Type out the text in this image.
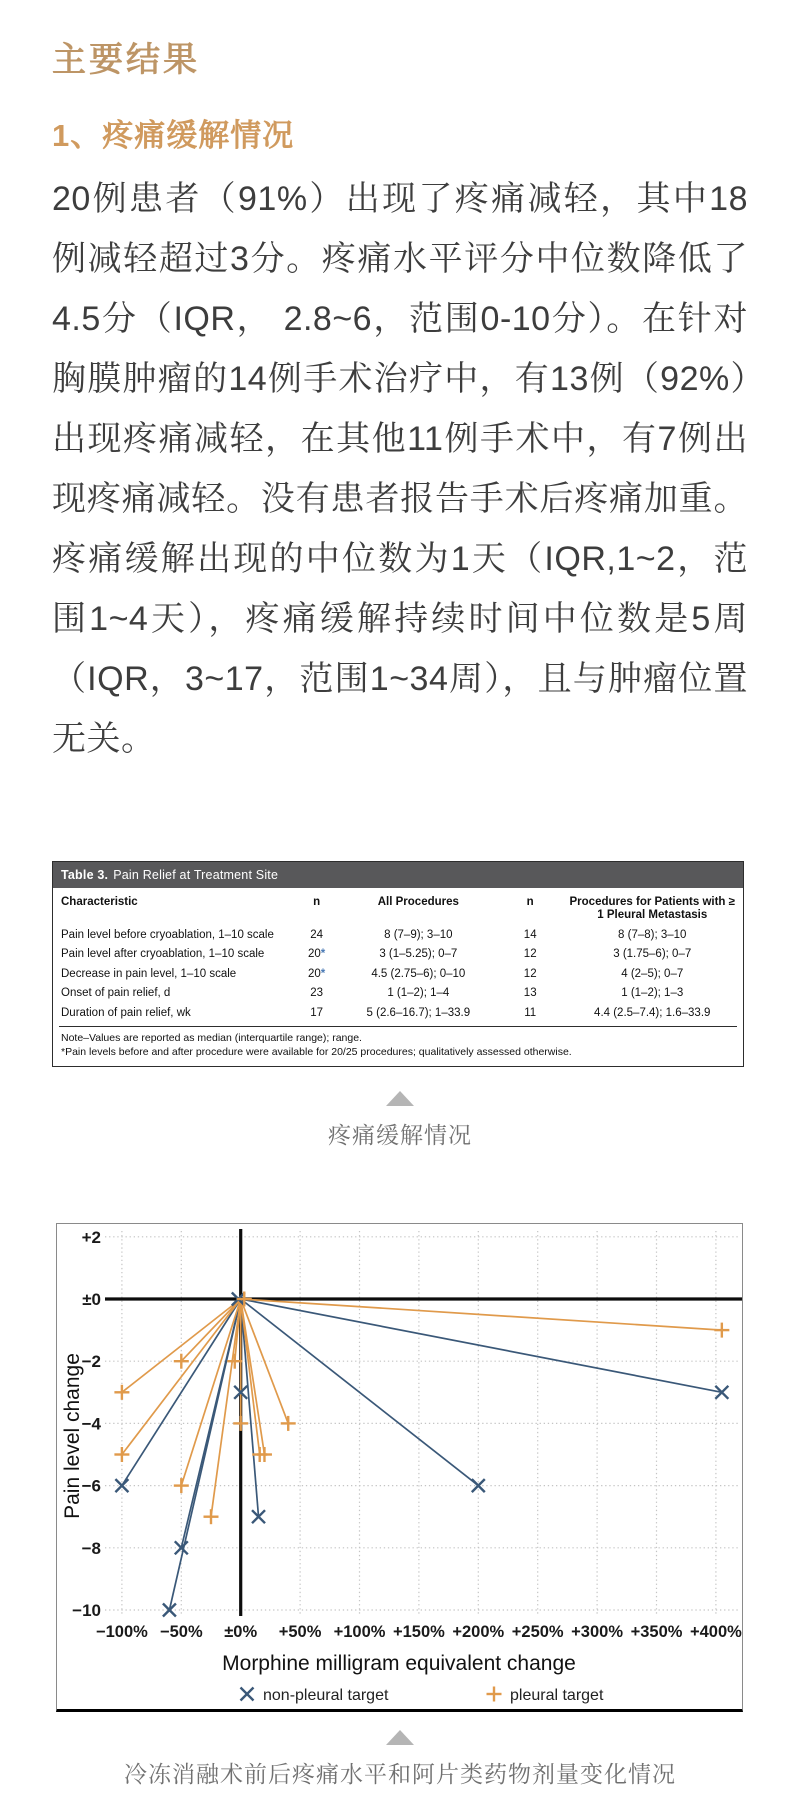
主要结果
1、疼痛缓解情况

20例患者（91%）出现了疼痛减轻，其中18例减轻超过3分。疼痛水平评分中位数降低了4.5分（IQR， 2.8~6，范围0-10分）。在针对胸膜肿瘤的14例手术治疗中，有13例（92%）出现疼痛减轻，在其他11例手术中，有7例出现疼痛减轻。没有患者报告手术后疼痛加重。疼痛缓解出现的中位数为1天（IQR,1~2，范围1~4天），疼痛缓解持续时间中位数是5周（IQR，3~17，范围1~34周），且与肿瘤位置无关。

Table 3. Pain Relief at Treatment Site
Characteristic	n	All Procedures	n	Procedures for Patients with ≥ 1 Pleural Metastasis
Pain level before cryoablation, 1–10 scale	24	8 (7–9); 3–10	14	8 (7–8); 3–10
Pain level after cryoablation, 1–10 scale	20*	3 (1–5.25); 0–7	12	3 (1.75–6); 0–7
Decrease in pain level, 1–10 scale	20*	4.5 (2.75–6); 0–10	12	4 (2–5); 0–7
Onset of pain relief, d	23	1 (1–2); 1–4	13	1 (1–2); 1–3
Duration of pain relief, wk	17	5 (2.6–16.7); 1–33.9	11	4.4 (2.5–7.4); 1.6–33.9
Note–Values are reported as median (interquartile range); range.
*Pain levels before and after procedure were available for 20/25 procedures; qualitatively assessed otherwise.
疼痛缓解情况
+2
±0
−2
−4
−6
−8
−10
−100% −50% ±0% +50% +100% +150% +200% +250% +300% +350% +400%
Morphine milligram equivalent change
Pain level change
non-pleural target	pleural target
冷冻消融术前后疼痛水平和阿片类药物剂量变化情况
